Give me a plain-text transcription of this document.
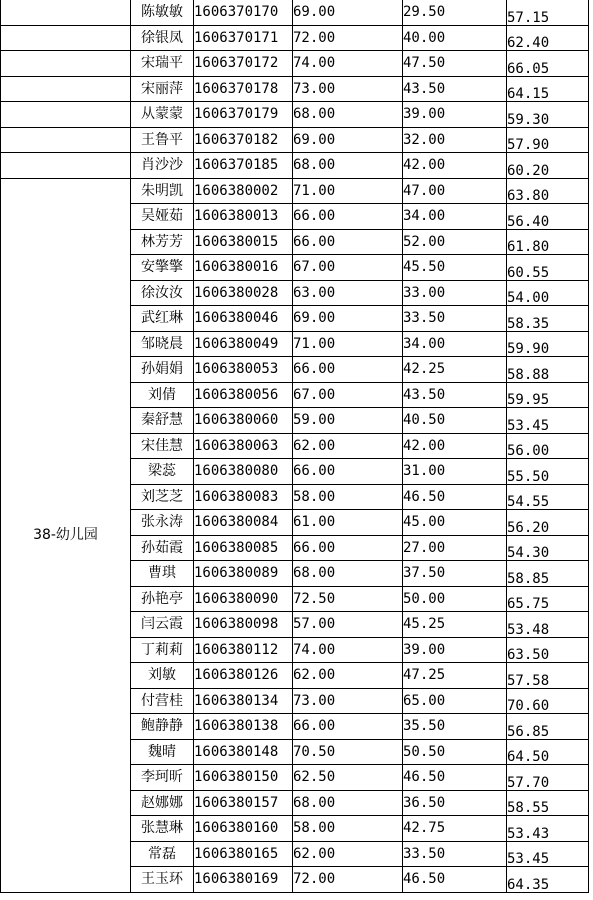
	陈敏敏	1606370170	69.00	29.50	57.15
	徐银凤	1606370171	72.00	40.00	62.40
	宋瑞平	1606370172	74.00	47.50	66.05
	宋丽萍	1606370178	73.00	43.50	64.15
	从蒙蒙	1606370179	68.00	39.00	59.30
	王鲁平	1606370182	69.00	32.00	57.90
	肖沙沙	1606370185	68.00	42.00	60.20
38-幼儿园	朱明凯	1606380002	71.00	47.00	63.80
	吴娅茹	1606380013	66.00	34.00	56.40
	林芳芳	1606380015	66.00	52.00	61.80
	安擎擎	1606380016	67.00	45.50	60.55
	徐汝汝	1606380028	63.00	33.00	54.00
	武红琳	1606380046	69.00	33.50	58.35
	邹晓晨	1606380049	71.00	34.00	59.90
	孙娟娟	1606380053	66.00	42.25	58.88
	刘倩	1606380056	67.00	43.50	59.95
	秦舒慧	1606380060	59.00	40.50	53.45
	宋佳慧	1606380063	62.00	42.00	56.00
	梁蕊	1606380080	66.00	31.00	55.50
	刘芝芝	1606380083	58.00	46.50	54.55
	张永涛	1606380084	61.00	45.00	56.20
	孙茹霞	1606380085	66.00	27.00	54.30
	曹琪	1606380089	68.00	37.50	58.85
	孙艳亭	1606380090	72.50	50.00	65.75
	闫云霞	1606380098	57.00	45.25	53.48
	丁莉莉	1606380112	74.00	39.00	63.50
	刘敏	1606380126	62.00	47.25	57.58
	付营桂	1606380134	73.00	65.00	70.60
	鲍静静	1606380138	66.00	35.50	56.85
	魏晴	1606380148	70.50	50.50	64.50
	李珂昕	1606380150	62.50	46.50	57.70
	赵娜娜	1606380157	68.00	36.50	58.55
	张慧琳	1606380160	58.00	42.75	53.43
	常磊	1606380165	62.00	33.50	53.45
	王玉环	1606380169	72.00	46.50	64.35
